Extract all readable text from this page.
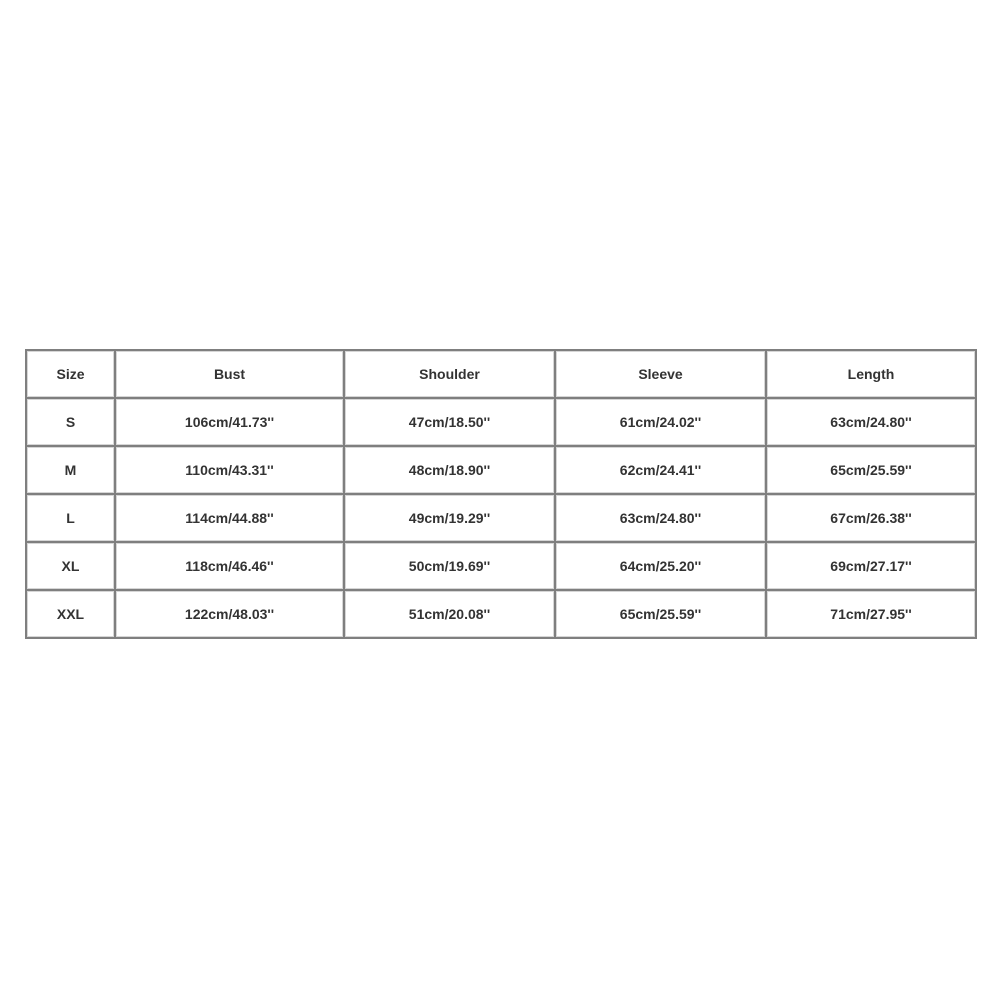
Size	Bust	Shoulder	Sleeve	Length
S	106cm/41.73''	47cm/18.50''	61cm/24.02''	63cm/24.80''
M	110cm/43.31''	48cm/18.90''	62cm/24.41''	65cm/25.59''
L	114cm/44.88''	49cm/19.29''	63cm/24.80''	67cm/26.38''
XL	118cm/46.46''	50cm/19.69''	64cm/25.20''	69cm/27.17''
XXL	122cm/48.03''	51cm/20.08''	65cm/25.59''	71cm/27.95''
